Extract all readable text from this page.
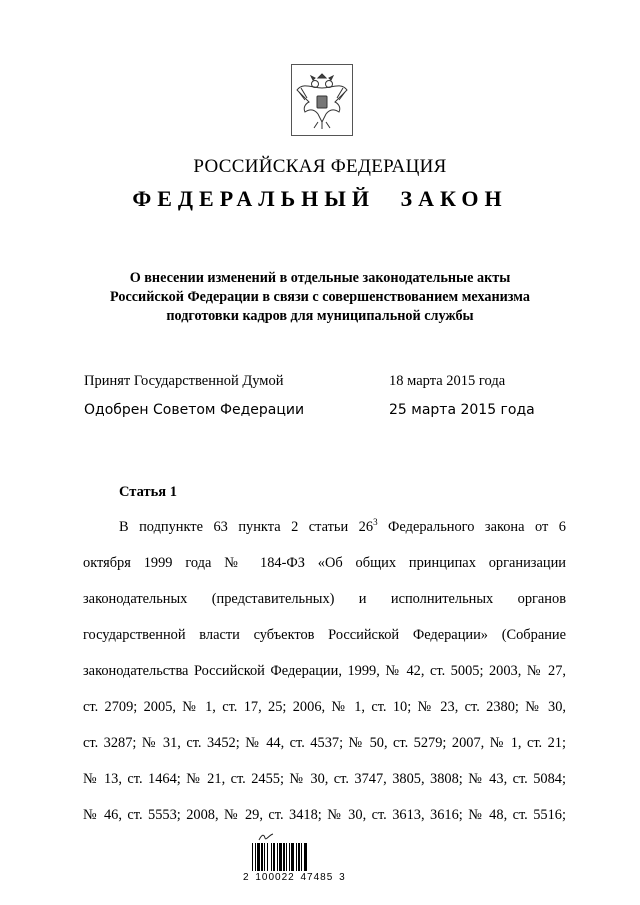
РОССИЙСКАЯ ФЕДЕРАЦИЯ
ФЕДЕРАЛЬНЫЙ ЗАКОН
О внесении изменений в отдельные законодательные акты
Российской Федерации в связи с совершенствованием механизма
подготовки кадров для муниципальной службы
Принят Государственной Думой	18 марта 2015 года
Одобрен Советом Федерации	25 марта 2015 года
Статья 1
В подпункте 63 пункта 2 статьи $26^3$ Федерального закона от 6
октября 1999 года № 184-ФЗ «Об общих принципах организации
законодательных (представительных) и исполнительных органов
государственной власти субъектов Российской Федерации» (Собрание
законодательства Российской Федерации, 1999, № 42, ст. 5005; 2003, № 27,
ст. 2709; 2005, № 1, ст. 17, 25; 2006, № 1, ст. 10; № 23, ст. 2380; № 30,
ст. 3287; № 31, ст. 3452; № 44, ст. 4537; № 50, ст. 5279; 2007, № 1, ст. 21;
№ 13, ст. 1464; № 21, ст. 2455; № 30, ст. 3747, 3805, 3808; № 43, ст. 5084;
№ 46, ст. 5553; 2008, № 29, ст. 3418; № 30, ст. 3613, 3616; № 48, ст. 5516;
2 100022 47485 3
